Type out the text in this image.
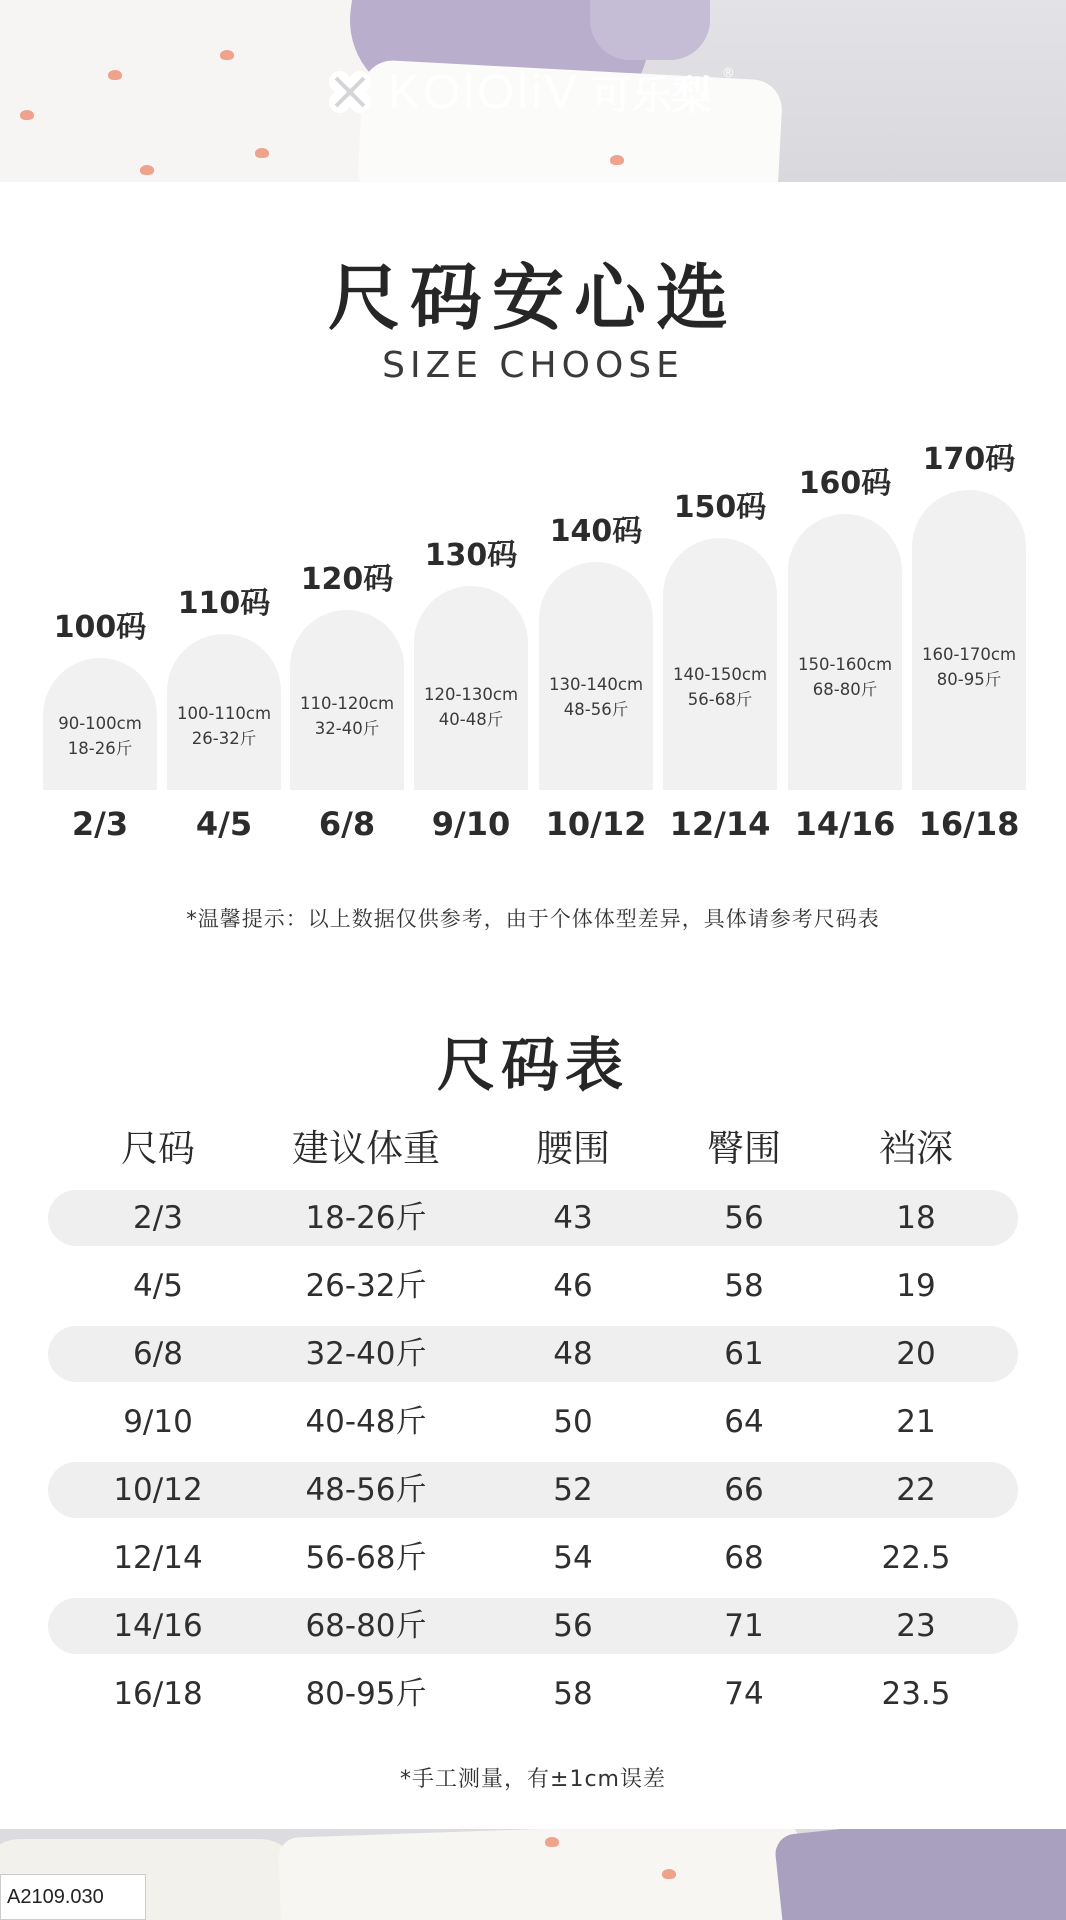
KOlOliV 可乐梨 ®
尺码安心选
SIZE CHOOSE
90-100cm
18-26斤
100码
2/3
100-110cm
26-32斤
110码
4/5
110-120cm
32-40斤
120码
6/8
120-130cm
40-48斤
130码
9/10
130-140cm
48-56斤
140码
10/12
140-150cm
56-68斤
150码
12/14
150-160cm
68-80斤
160码
14/16
160-170cm
80-95斤
170码
16/18
*温馨提示：以上数据仅供参考，由于个体体型差异，具体请参考尺码表
尺码表
尺码	建议体重	腰围	臀围	裆深
2/3	18-26斤	43	56	18
4/5	26-32斤	46	58	19
6/8	32-40斤	48	61	20
9/10	40-48斤	50	64	21
10/12	48-56斤	52	66	22
12/14	56-68斤	54	68	22.5
14/16	68-80斤	56	71	23
16/18	80-95斤	58	74	23.5
*手工测量，有±1cm误差
A2109.030
